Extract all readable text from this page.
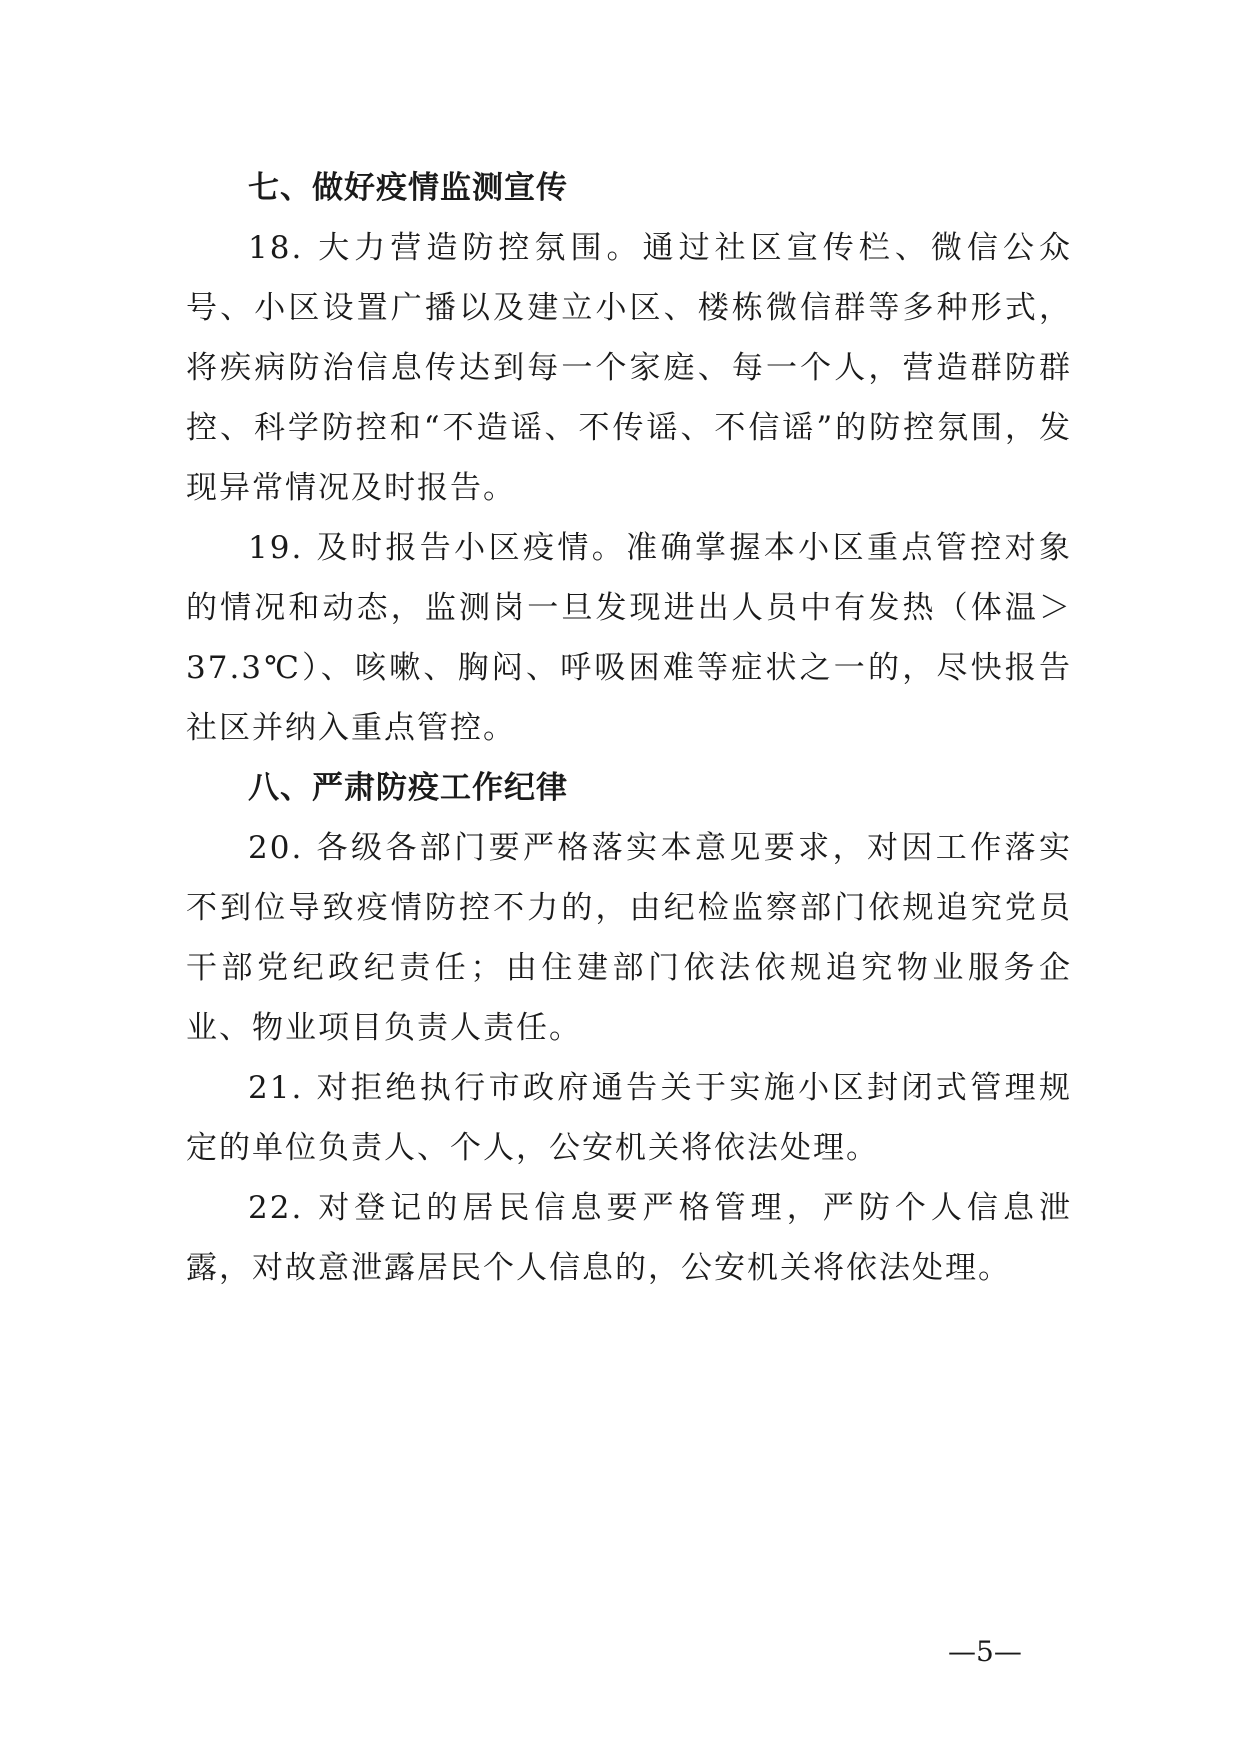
七、做好疫情监测宣传

18. 大力营造防控氛围。通过社区宣传栏、微信公众号、小区设置广播以及建立小区、楼栋微信群等多种形式，将疾病防治信息传达到每一个家庭、每一个人，营造群防群控、科学防控和“不造谣、不传谣、不信谣”的防控氛围，发现异常情况及时报告。

19. 及时报告小区疫情。准确掌握本小区重点管控对象的情况和动态，监测岗一旦发现进出人员中有发热（体温＞37.3℃）、咳嗽、胸闷、呼吸困难等症状之一的，尽快报告社区并纳入重点管控。

八、严肃防疫工作纪律

20. 各级各部门要严格落实本意见要求，对因工作落实不到位导致疫情防控不力的，由纪检监察部门依规追究党员干部党纪政纪责任；由住建部门依法依规追究物业服务企业、物业项目负责人责任。

21. 对拒绝执行市政府通告关于实施小区封闭式管理规定的单位负责人、个人，公安机关将依法处理。

22. 对登记的居民信息要严格管理，严防个人信息泄露，对故意泄露居民个人信息的，公安机关将依法处理。

—5—
